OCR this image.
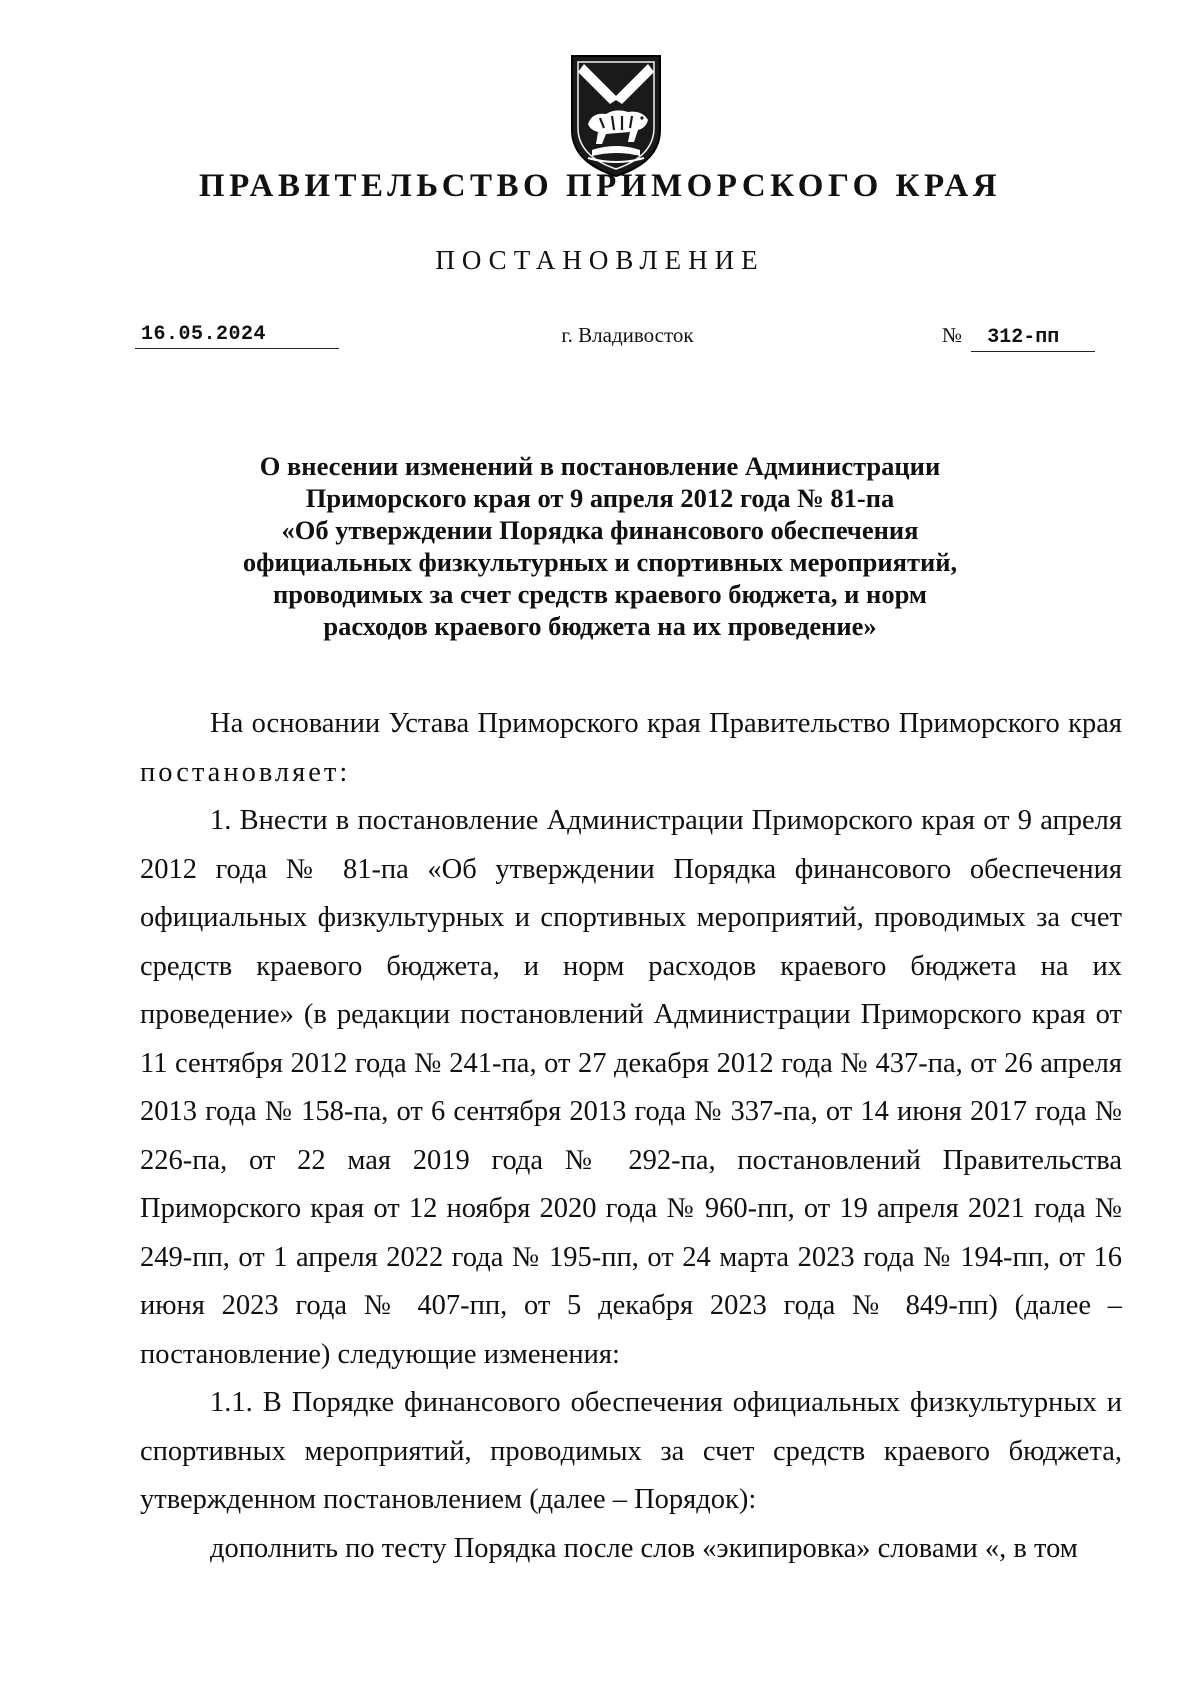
ПРАВИТЕЛЬСТВО ПРИМОРСКОГО КРАЯ
ПОСТАНОВЛЕНИЕ
16.05.2024	г. Владивосток	№ 312-пп
О внесении изменений в постановление Администрации
Приморского края от 9 апреля 2012 года № 81-па
«Об утверждении Порядка финансового обеспечения
официальных физкультурных и спортивных мероприятий,
проводимых за счет средств краевого бюджета, и норм
расходов краевого бюджета на их проведение»

На основании Устава Приморского края Правительство Приморского края постановляет:

1. Внести в постановление Администрации Приморского края от 9 апреля 2012 года № 81-па «Об утверждении Порядка финансового обеспечения официальных физкультурных и спортивных мероприятий, проводимых за счет средств краевого бюджета, и норм расходов краевого бюджета на их проведение» (в редакции постановлений Администрации Приморского края от 11 сентября 2012 года № 241-па, от 27 декабря 2012 года № 437-па, от 26 апреля 2013 года № 158-па, от 6 сентября 2013 года № 337-па, от 14 июня 2017 года № 226-па, от 22 мая 2019 года № 292-па, постановлений Правительства Приморского края от 12 ноября 2020 года № 960-пп, от 19 апреля 2021 года № 249-пп, от 1 апреля 2022 года № 195-пп, от 24 марта 2023 года № 194-пп, от 16 июня 2023 года № 407-пп, от 5 декабря 2023 года № 849-пп) (далее – постановление) следующие изменения:

1.1. В Порядке финансового обеспечения официальных физкультурных и спортивных мероприятий, проводимых за счет средств краевого бюджета, утвержденном постановлением (далее – Порядок):

дополнить по тесту Порядка после слов «экипировка» словами «, в том
